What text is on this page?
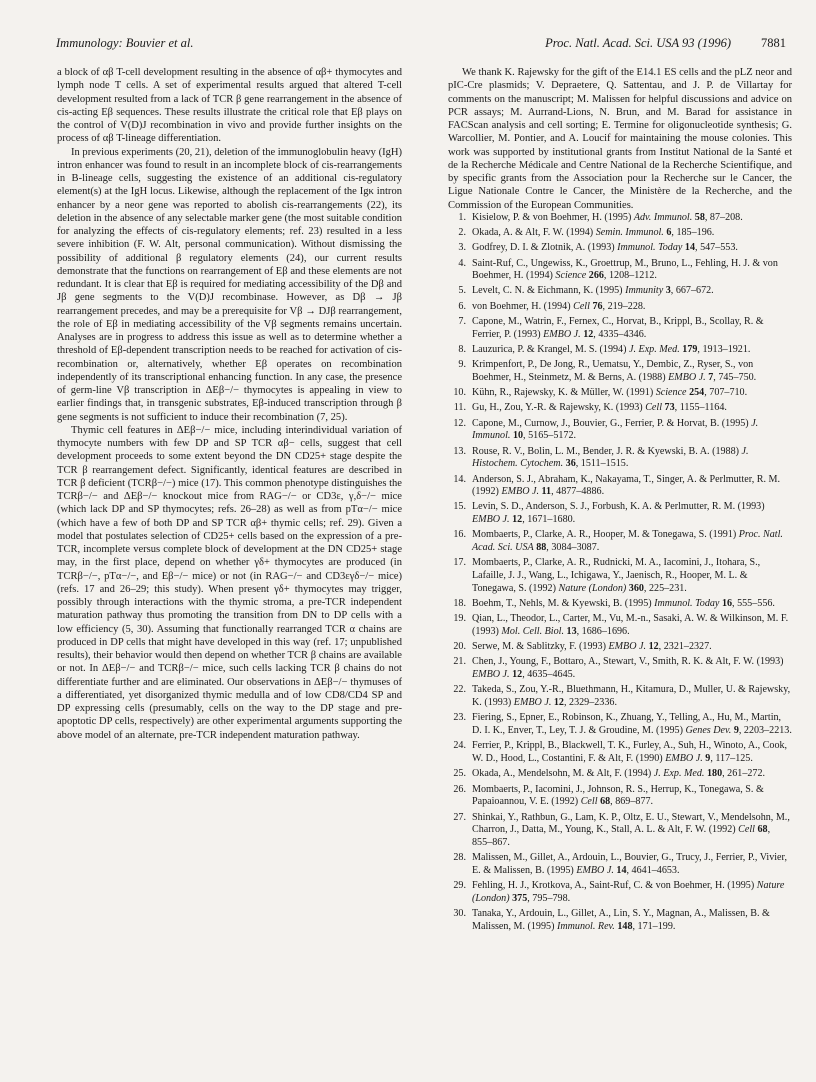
Immunology: Bouvier et al.	Proc. Natl. Acad. Sci. USA 93 (1996) 7881

a block of αβ T-cell development resulting in the absence of αβ+ thymocytes and lymph node T cells. A set of experimental results argued that altered T-cell development resulted from a lack of TCR β gene rearrangement in the absence of cis-acting Eβ sequences. These results illustrate the critical role that Eβ plays on the control of V(D)J recombination in vivo and provide further insights on the process of αβ T-lineage differentiation.

In previous experiments (20, 21), deletion of the immunoglobulin heavy (IgH) intron enhancer was found to result in an incomplete block of cis-rearrangements in B-lineage cells, suggesting the existence of an additional cis-regulatory element(s) at the IgH locus. Likewise, although the replacement of the Igκ intron enhancer by a neor gene was reported to abolish cis-rearrangements (22), its deletion in the absence of any selectable marker gene (the most suitable condition for analyzing the effects of cis-regulatory elements; ref. 23) resulted in a less severe inhibition (F. W. Alt, personal communication). Without dismissing the possibility of additional β regulatory elements (24), our current results demonstrate that the functions on rearrangement of Eβ and these elements are not redundant. It is clear that Eβ is required for mediating accessibility of the Dβ and Jβ gene segments to the V(D)J recombinase. However, as Dβ → Jβ rearrangement precedes, and may be a prerequisite for Vβ → DJβ rearrangement, the role of Eβ in mediating accessibility of the Vβ segments remains uncertain. Analyses are in progress to address this issue as well as to determine whether a threshold of Eβ-dependent transcription needs to be reached for activation of cis-recombination or, alternatively, whether Eβ operates on recombination independently of its transcriptional enhancing function. In any case, the presence of germ-line Vβ transcription in ΔEβ−/− thymocytes is appealing in view to earlier findings that, in transgenic substrates, Eβ-induced transcription through β gene segments is not sufficient to induce their recombination (7, 25).

Thymic cell features in ΔEβ−/− mice, including interindividual variation of thymocyte numbers with few DP and SP TCR αβ− cells, suggest that cell development proceeds to some extent beyond the DN CD25+ stage despite the TCR β rearrangement defect. Significantly, identical features are described in TCR β deficient (TCRβ−/−) mice (17). This common phenotype distinguishes the TCRβ−/− and ΔEβ−/− knockout mice from RAG−/− or CD3ε, γ,δ−/− mice (which lack DP and SP thymocytes; refs. 26–28) as well as from pTα−/− mice (which have a few of both DP and SP TCR αβ+ thymic cells; ref. 29). Given a model that postulates selection of CD25+ cells based on the expression of a pre-TCR, incomplete versus complete block of development at the DN CD25+ stage may, in the first place, depend on whether γδ+ thymocytes are produced (in TCRβ−/−, pTα−/−, and Eβ−/− mice) or not (in RAG−/− and CD3εγδ−/− mice) (refs. 17 and 26–29; this study). When present γδ+ thymocytes may trigger, possibly through interactions with the thymic stroma, a pre-TCR independent maturation pathway thus promoting the transition from DN to DP cells with a low efficiency (5, 30). Assuming that functionally rearranged TCR α chains are produced in DP cells that might have developed in this way (ref. 17; unpublished results), their behavior would then depend on whether TCR β chains are available or not. In ΔEβ−/− and TCRβ−/− mice, such cells lacking TCR β chains do not differentiate further and are eliminated. Our observations in ΔEβ−/− thymuses of a differentiated, yet disorganized thymic medulla and of low CD8/CD4 SP and DP expressing cells (presumably, cells on the way to the DP stage and pre-apoptotic DP cells, respectively) are other experimental arguments supporting the above model of an alternate, pre-TCR independent maturation pathway.

We thank K. Rajewsky for the gift of the E14.1 ES cells and the pLZ neor and pIC-Cre plasmids; V. Depraetere, Q. Sattentau, and J. P. de Villartay for comments on the manuscript; M. Malissen for helpful discussions and advice on PCR assays; M. Aurrand-Lions, N. Brun, and M. Barad for assistance in FACScan analysis and cell sorting; E. Termine for oligonucleotide synthesis; G. Warcollier, M. Pontier, and A. Loucif for maintaining the mouse colonies. This work was supported by institutional grants from Institut National de la Santé et de la Recherche Médicale and Centre National de la Recherche Scientifique, and by specific grants from the Association pour la Recherche sur le Cancer, the Ligue Nationale Contre le Cancer, the Ministère de la Recherche, and the Commission of the European Communities.

1. Kisielow, P. & von Boehmer, H. (1995) Adv. Immunol. 58, 87–208.
2. Okada, A. & Alt, F. W. (1994) Semin. Immunol. 6, 185–196.
3. Godfrey, D. I. & Zlotnik, A. (1993) Immunol. Today 14, 547–553.
4. Saint-Ruf, C., Ungewiss, K., Groettrup, M., Bruno, L., Fehling, H. J. & von Boehmer, H. (1994) Science 266, 1208–1212.
5. Levelt, C. N. & Eichmann, K. (1995) Immunity 3, 667–672.
6. von Boehmer, H. (1994) Cell 76, 219–228.
7. Capone, M., Watrin, F., Fernex, C., Horvat, B., Krippl, B., Scollay, R. & Ferrier, P. (1993) EMBO J. 12, 4335–4346.
8. Lauzurica, P. & Krangel, M. S. (1994) J. Exp. Med. 179, 1913–1921.
9. Krimpenfort, P., De Jong, R., Uematsu, Y., Dembic, Z., Ryser, S., von Boehmer, H., Steinmetz, M. & Berns, A. (1988) EMBO J. 7, 745–750.
10. Kühn, R., Rajewsky, K. & Müller, W. (1991) Science 254, 707–710.
11. Gu, H., Zou, Y.-R. & Rajewsky, K. (1993) Cell 73, 1155–1164.
12. Capone, M., Curnow, J., Bouvier, G., Ferrier, P. & Horvat, B. (1995) J. Immunol. 10, 5165–5172.
13. Rouse, R. V., Bolin, L. M., Bender, J. R. & Kyewski, B. A. (1988) J. Histochem. Cytochem. 36, 1511–1515.
14. Anderson, S. J., Abraham, K., Nakayama, T., Singer, A. & Perlmutter, R. M. (1992) EMBO J. 11, 4877–4886.
15. Levin, S. D., Anderson, S. J., Forbush, K. A. & Perlmutter, R. M. (1993) EMBO J. 12, 1671–1680.
16. Mombaerts, P., Clarke, A. R., Hooper, M. & Tonegawa, S. (1991) Proc. Natl. Acad. Sci. USA 88, 3084–3087.
17. Mombaerts, P., Clarke, A. R., Rudnicki, M. A., Iacomini, J., Itohara, S., Lafaille, J. J., Wang, L., Ichigawa, Y., Jaenisch, R., Hooper, M. L. & Tonegawa, S. (1992) Nature (London) 360, 225–231.
18. Boehm, T., Nehls, M. & Kyewski, B. (1995) Immunol. Today 16, 555–556.
19. Qian, L., Theodor, L., Carter, M., Vu, M.-n., Sasaki, A. W. & Wilkinson, M. F. (1993) Mol. Cell. Biol. 13, 1686–1696.
20. Serwe, M. & Sablitzky, F. (1993) EMBO J. 12, 2321–2327.
21. Chen, J., Young, F., Bottaro, A., Stewart, V., Smith, R. K. & Alt, F. W. (1993) EMBO J. 12, 4635–4645.
22. Takeda, S., Zou, Y.-R., Bluethmann, H., Kitamura, D., Muller, U. & Rajewsky, K. (1993) EMBO J. 12, 2329–2336.
23. Fiering, S., Epner, E., Robinson, K., Zhuang, Y., Telling, A., Hu, M., Martin, D. I. K., Enver, T., Ley, T. J. & Groudine, M. (1995) Genes Dev. 9, 2203–2213.
24. Ferrier, P., Krippl, B., Blackwell, T. K., Furley, A., Suh, H., Winoto, A., Cook, W. D., Hood, L., Costantini, F. & Alt, F. (1990) EMBO J. 9, 117–125.
25. Okada, A., Mendelsohn, M. & Alt, F. (1994) J. Exp. Med. 180, 261–272.
26. Mombaerts, P., Iacomini, J., Johnson, R. S., Herrup, K., Tonegawa, S. & Papaioannou, V. E. (1992) Cell 68, 869–877.
27. Shinkai, Y., Rathbun, G., Lam, K. P., Oltz, E. U., Stewart, V., Mendelsohn, M., Charron, J., Datta, M., Young, K., Stall, A. L. & Alt, F. W. (1992) Cell 68, 855–867.
28. Malissen, M., Gillet, A., Ardouin, L., Bouvier, G., Trucy, J., Ferrier, P., Vivier, E. & Malissen, B. (1995) EMBO J. 14, 4641–4653.
29. Fehling, H. J., Krotkova, A., Saint-Ruf, C. & von Boehmer, H. (1995) Nature (London) 375, 795–798.
30. Tanaka, Y., Ardouin, L., Gillet, A., Lin, S. Y., Magnan, A., Malissen, B. & Malissen, M. (1995) Immunol. Rev. 148, 171–199.
